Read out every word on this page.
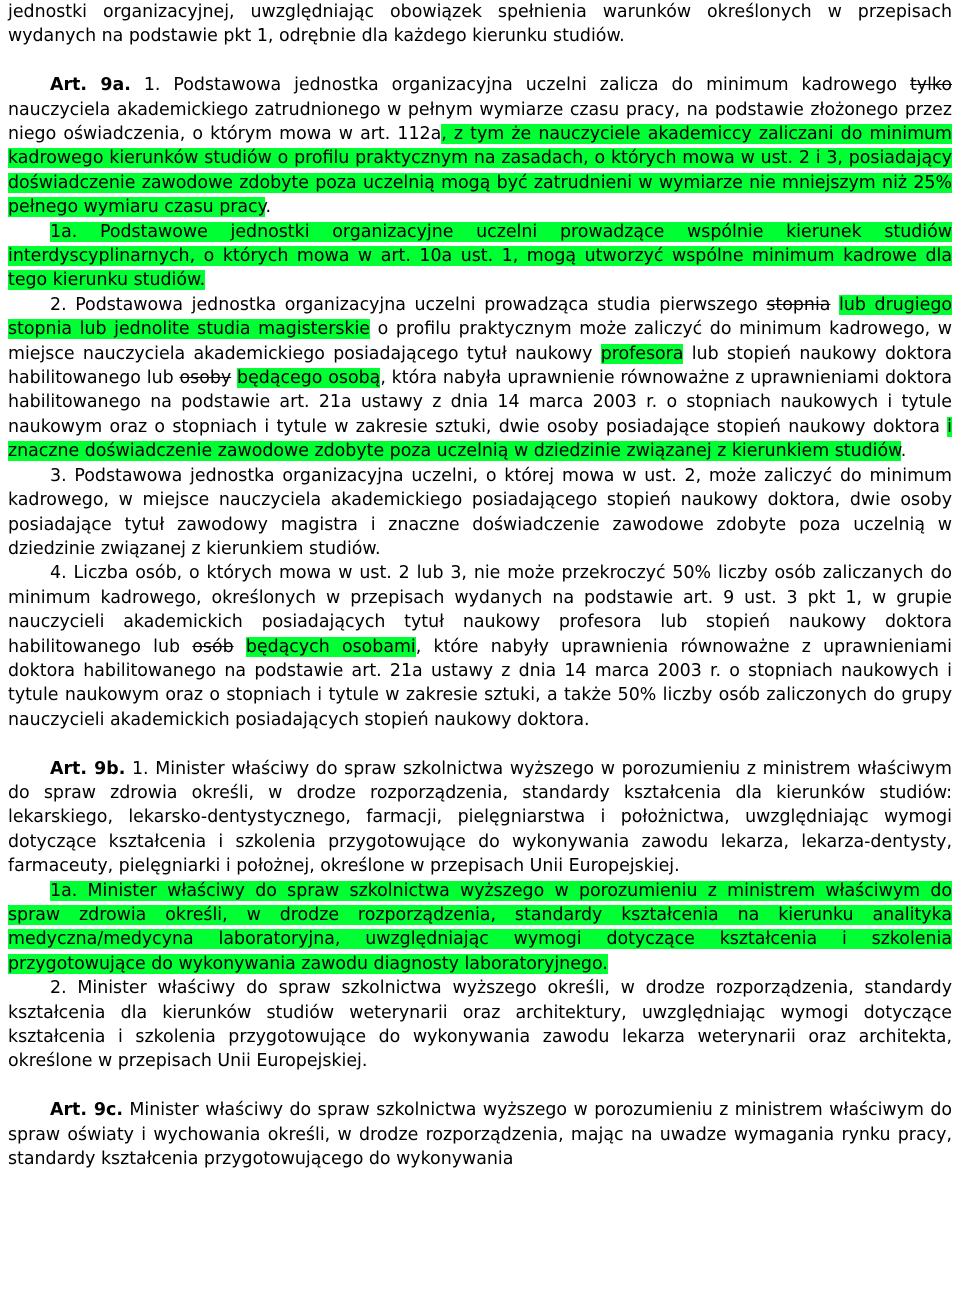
jednostki organizacyjnej, uwzględniając obowiązek spełnienia warunków określonych w przepisach wydanych na podstawie pkt 1, odrębnie dla każdego kierunku studiów.

Art. 9a. 1. Podstawowa jednostka organizacyjna uczelni zalicza do minimum kadrowego tylko nauczyciela akademickiego zatrudnionego w pełnym wymiarze czasu pracy, na podstawie złożonego przez niego oświadczenia, o którym mowa w art. 112a, z tym że nauczyciele akademiccy zaliczani do minimum kadrowego kierunków studiów o profilu praktycznym na zasadach, o których mowa w ust. 2 i 3, posiadający doświadczenie zawodowe zdobyte poza uczelnią mogą być zatrudnieni w wymiarze nie mniejszym niż 25% pełnego wymiaru czasu pracy.

1a. Podstawowe jednostki organizacyjne uczelni prowadzące wspólnie kierunek studiów interdyscyplinarnych, o których mowa w art. 10a ust. 1, mogą utworzyć wspólne minimum kadrowe dla tego kierunku studiów.

2. Podstawowa jednostka organizacyjna uczelni prowadząca studia pierwszego stopnia lub drugiego stopnia lub jednolite studia magisterskie o profilu praktycznym może zaliczyć do minimum kadrowego, w miejsce nauczyciela akademickiego posiadającego tytuł naukowy profesora lub stopień naukowy doktora habilitowanego lub osoby będącego osobą, która nabyła uprawnienie równoważne z uprawnieniami doktora habilitowanego na podstawie art. 21a ustawy z dnia 14 marca 2003 r. o stopniach naukowych i tytule naukowym oraz o stopniach i tytule w zakresie sztuki, dwie osoby posiadające stopień naukowy doktora i znaczne doświadczenie zawodowe zdobyte poza uczelnią w dziedzinie związanej z kierunkiem studiów.

3. Podstawowa jednostka organizacyjna uczelni, o której mowa w ust. 2, może zaliczyć do minimum kadrowego, w miejsce nauczyciela akademickiego posiadającego stopień naukowy doktora, dwie osoby posiadające tytuł zawodowy magistra i znaczne doświadczenie zawodowe zdobyte poza uczelnią w dziedzinie związanej z kierunkiem studiów.

4. Liczba osób, o których mowa w ust. 2 lub 3, nie może przekroczyć 50% liczby osób zaliczanych do minimum kadrowego, określonych w przepisach wydanych na podstawie art. 9 ust. 3 pkt 1, w grupie nauczycieli akademickich posiadających tytuł naukowy profesora lub stopień naukowy doktora habilitowanego lub osób będących osobami, które nabyły uprawnienia równoważne z uprawnieniami doktora habilitowanego na podstawie art. 21a ustawy z dnia 14 marca 2003 r. o stopniach naukowych i tytule naukowym oraz o stopniach i tytule w zakresie sztuki, a także 50% liczby osób zaliczonych do grupy nauczycieli akademickich posiadających stopień naukowy doktora.

Art. 9b. 1. Minister właściwy do spraw szkolnictwa wyższego w porozumieniu z ministrem właściwym do spraw zdrowia określi, w drodze rozporządzenia, standardy kształcenia dla kierunków studiów: lekarskiego, lekarsko-dentystycznego, farmacji, pielęgniarstwa i położnictwa, uwzględniając wymogi dotyczące kształcenia i szkolenia przygotowujące do wykonywania zawodu lekarza, lekarza-dentysty, farmaceuty, pielęgniarki i położnej, określone w przepisach Unii Europejskiej.

1a. Minister właściwy do spraw szkolnictwa wyższego w porozumieniu z ministrem właściwym do spraw zdrowia określi, w drodze rozporządzenia, standardy kształcenia na kierunku analityka medyczna/medycyna laboratoryjna, uwzględniając wymogi dotyczące kształcenia i szkolenia przygotowujące do wykonywania zawodu diagnosty laboratoryjnego.

2. Minister właściwy do spraw szkolnictwa wyższego określi, w drodze rozporządzenia, standardy kształcenia dla kierunków studiów weterynarii oraz architektury, uwzględniając wymogi dotyczące kształcenia i szkolenia przygotowujące do wykonywania zawodu lekarza weterynarii oraz architekta, określone w przepisach Unii Europejskiej.

Art. 9c. Minister właściwy do spraw szkolnictwa wyższego w porozumieniu z ministrem właściwym do spraw oświaty i wychowania określi, w drodze rozporządzenia, mając na uwadze wymagania rynku pracy, standardy kształcenia przygotowującego do wykonywania
